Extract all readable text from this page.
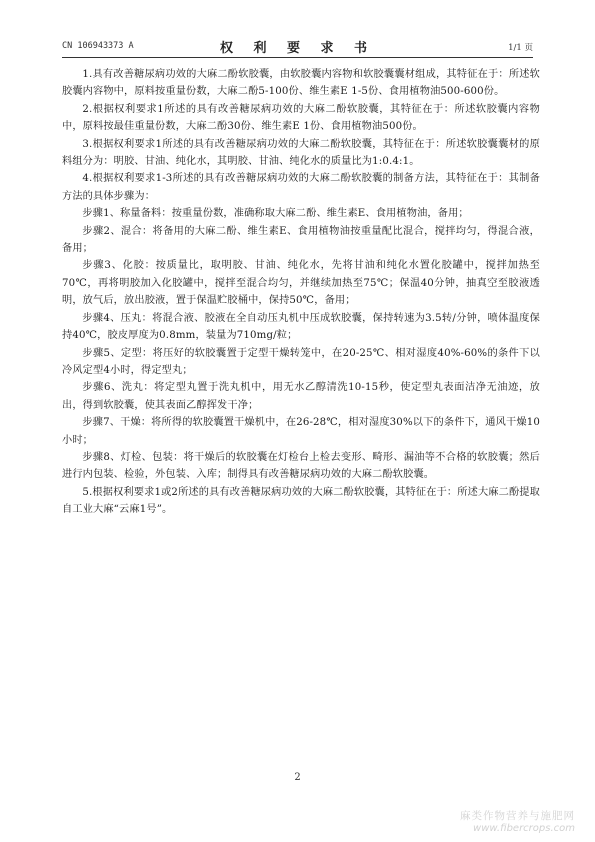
CN 106943373 A	权 利 要 求 书	1/1 页

1.具有改善糖尿病功效的大麻二酚软胶囊，由软胶囊内容物和软胶囊囊材组成，其特征在于：所述软胶囊内容物中，原料按重量份数，大麻二酚5-100份、维生素E 1-5份、食用植物油500-600份。

2.根据权利要求1所述的具有改善糖尿病功效的大麻二酚软胶囊，其特征在于：所述软胶囊内容物中，原料按最佳重量份数，大麻二酚30份、维生素E 1份、食用植物油500份。

3.根据权利要求1所述的具有改善糖尿病功效的大麻二酚软胶囊，其特征在于：所述软胶囊囊材的原料组分为：明胶、甘油、纯化水，其明胶、甘油、纯化水的质量比为1:0.4:1。

4.根据权利要求1-3所述的具有改善糖尿病功效的大麻二酚软胶囊的制备方法，其特征在于：其制备方法的具体步骤为：

步骤1、称量备料：按重量份数，准确称取大麻二酚、维生素E、食用植物油，备用；

步骤2、混合：将备用的大麻二酚、维生素E、食用植物油按重量配比混合，搅拌均匀，得混合液，备用；

步骤3、化胶：按质量比，取明胶、甘油、纯化水，先将甘油和纯化水置化胶罐中，搅拌加热至70℃，再将明胶加入化胶罐中，搅拌至混合均匀，并继续加热至75℃；保温40分钟，抽真空至胶液透明，放气后，放出胶液，置于保温贮胶桶中，保持50℃，备用；

步骤4、压丸：将混合液、胶液在全自动压丸机中压成软胶囊，保持转速为3.5转/分钟，喷体温度保持40℃，胶皮厚度为0.8mm，装量为710mg/粒；

步骤5、定型：将压好的软胶囊置于定型干燥转笼中，在20-25℃、相对湿度40%-60%的条件下以冷风定型4小时，得定型丸；

步骤6、洗丸：将定型丸置于洗丸机中，用无水乙醇清洗10-15秒，使定型丸表面洁净无油迹，放出，得到软胶囊，使其表面乙醇挥发干净；

步骤7、干燥：将所得的软胶囊置干燥机中，在26-28℃，相对湿度30%以下的条件下，通风干燥10小时；

步骤8、灯检、包装：将干燥后的软胶囊在灯检台上检去变形、畸形、漏油等不合格的软胶囊；然后进行内包装、检验，外包装、入库；制得具有改善糖尿病功效的大麻二酚软胶囊。

5.根据权利要求1或2所述的具有改善糖尿病功效的大麻二酚软胶囊，其特征在于：所述大麻二酚提取自工业大麻“云麻1号”。

2
麻类作物营养与施肥网
www.fibercrops.com
